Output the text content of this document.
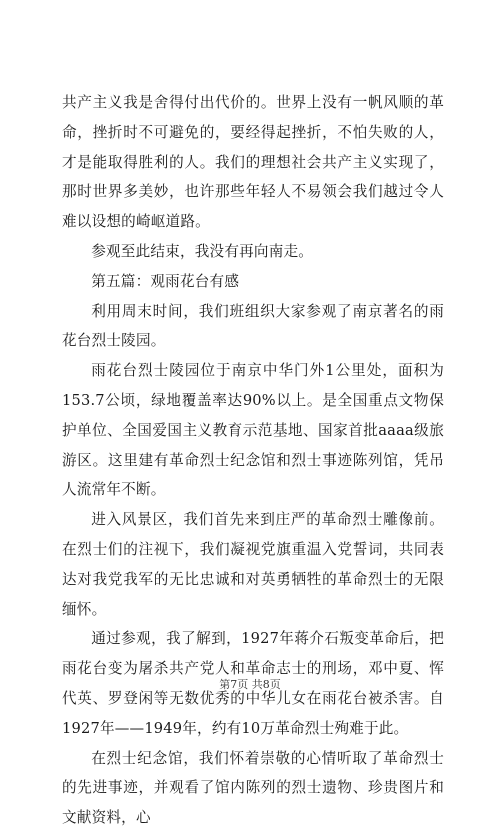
共产主义我是舍得付出代价的。世界上没有一帆风顺的革命，挫折时不可避免的，要经得起挫折，不怕失败的人，才是能取得胜利的人。我们的理想社会共产主义实现了，那时世界多美妙，也许那些年轻人不易领会我们越过令人难以设想的崎岖道路。

参观至此结束，我没有再向南走。

第五篇：观雨花台有感

利用周末时间，我们班组织大家参观了南京著名的雨花台烈士陵园。

雨花台烈士陵园位于南京中华门外1公里处，面积为153.7公顷，绿地覆盖率达90%以上。是全国重点文物保护单位、全国爱国主义教育示范基地、国家首批aaaa级旅游区。这里建有革命烈士纪念馆和烈士事迹陈列馆，凭吊人流常年不断。

进入风景区，我们首先来到庄严的革命烈士雕像前。在烈士们的注视下，我们凝视党旗重温入党誓词，共同表达对我党我军的无比忠诚和对英勇牺牲的革命烈士的无限缅怀。

通过参观，我了解到，1927年蒋介石叛变革命后，把雨花台变为屠杀共产党人和革命志士的刑场，邓中夏、恽代英、罗登闲等无数优秀的中华儿女在雨花台被杀害。自1927年——1949年，约有10万革命烈士殉难于此。

在烈士纪念馆，我们怀着崇敬的心情听取了革命烈士的先进事迹，并观看了馆内陈列的烈士遗物、珍贵图片和文献资料，心

第7页 共8页
